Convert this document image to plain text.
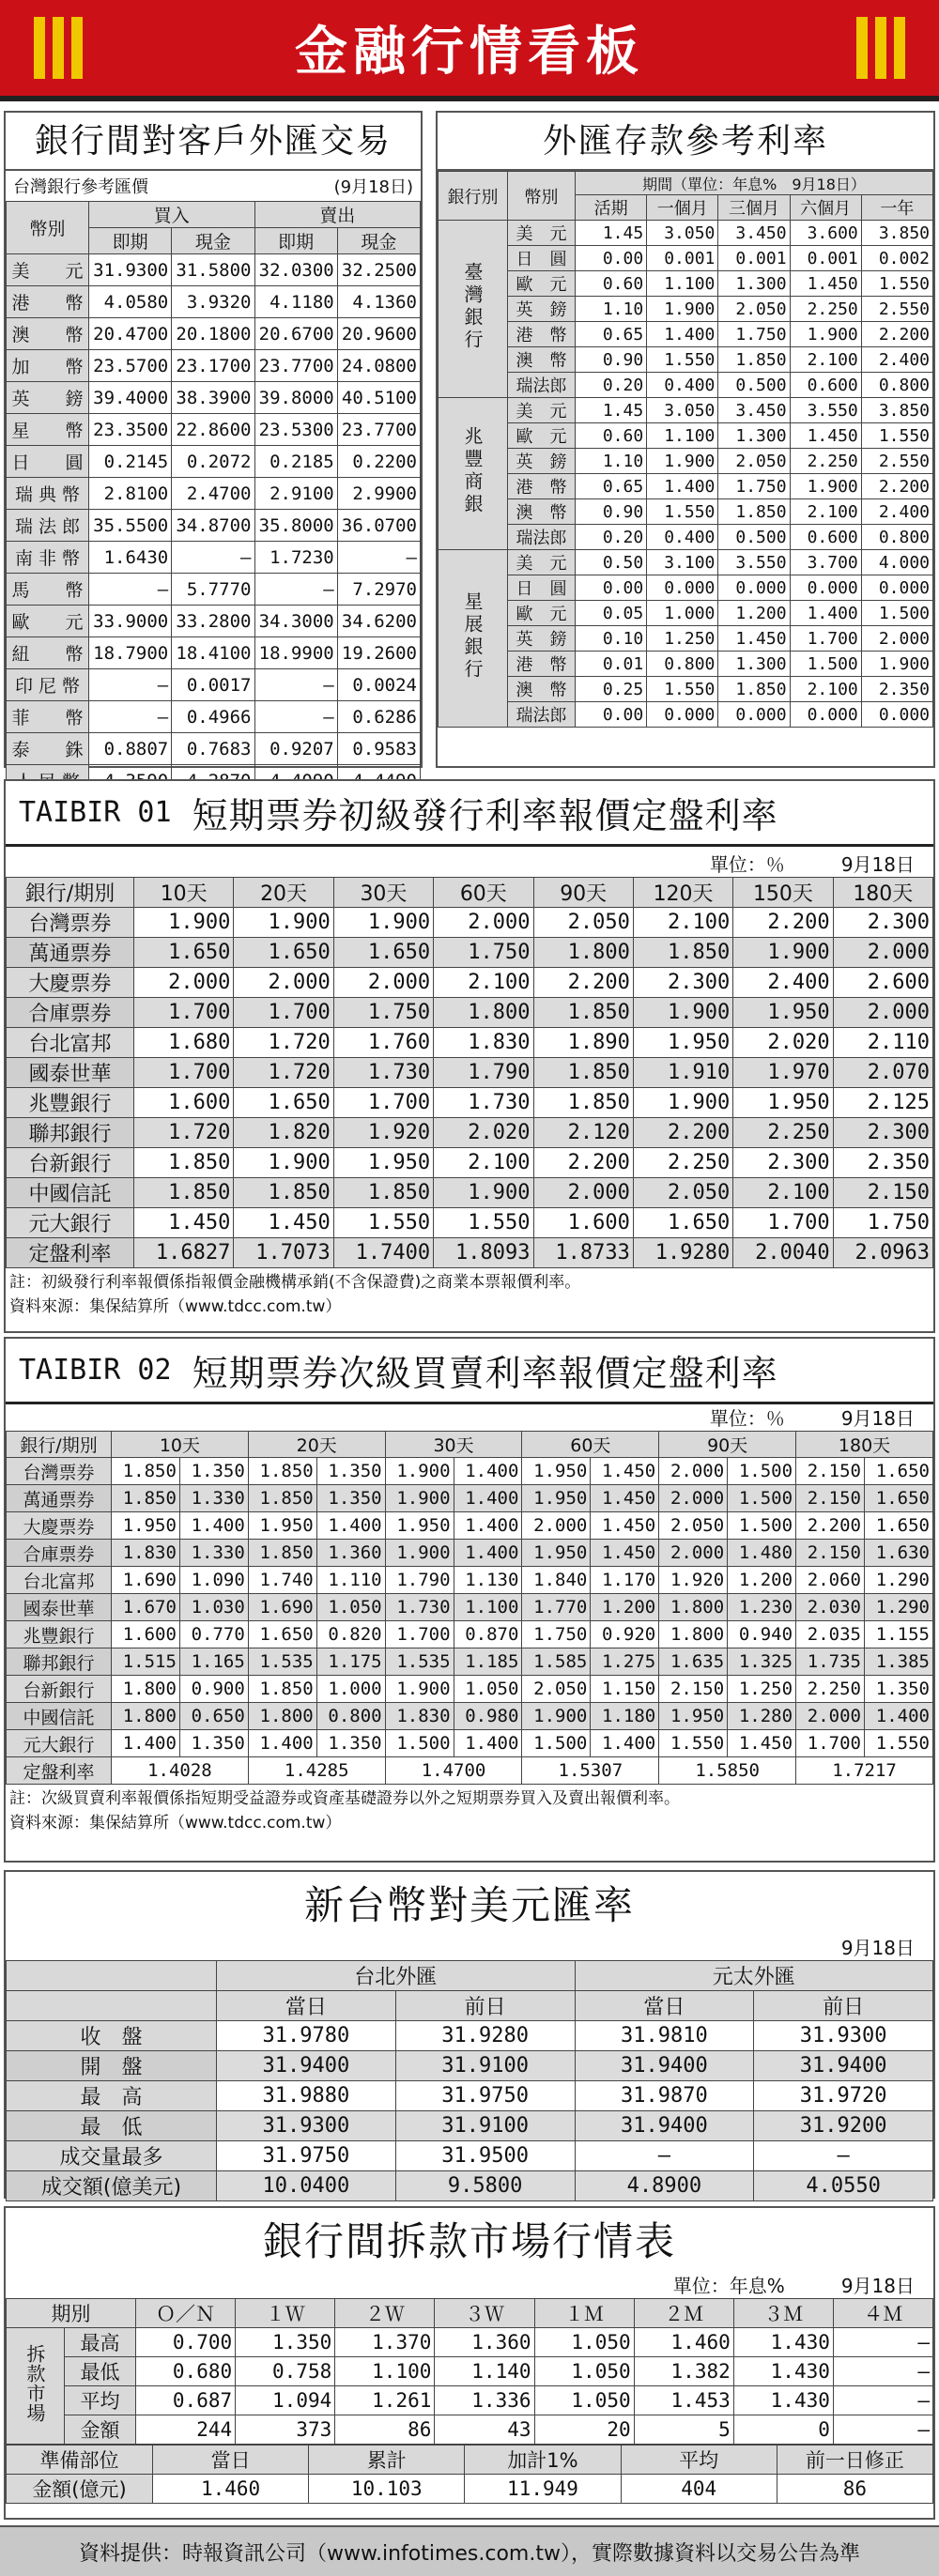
金融行情看板
銀行間對客戶外匯交易
台灣銀行參考匯價	(9月18日)
幣別	買入		賣出	
	即期	現金	即期	現金
美　　元	31.9300	31.5800	32.0300	32.2500
港　　幣	4.0580	3.9320	4.1180	4.1360
澳　　幣	20.4700	20.1800	20.6700	20.9600
加　　幣	23.5700	23.1700	23.7700	24.0800
英　　鎊	39.4000	38.3900	39.8000	40.5100
星　　幣	23.3500	22.8600	23.5300	23.7700
日　　圓	0.2145	0.2072	0.2185	0.2200
瑞 典 幣	2.8100	2.4700	2.9100	2.9900
瑞 法 郎	35.5500	34.8700	35.8000	36.0700
南 非 幣	1.6430	–	1.7230	–
馬　　幣	–	5.7770	–	7.2970
歐　　元	33.9000	33.2800	34.3000	34.6200
紐　　幣	18.7900	18.4100	18.9900	19.2600
印 尼 幣	–	0.0017	–	0.0024
菲　　幣	–	0.4966	–	0.6286
泰　　銖	0.8807	0.7683	0.9207	0.9583

外匯存款參考利率
銀行別	幣別	期間（單位：年息%　9月18日）				
		活期	一個月	三個月	六個月	一年
臺灣銀行	美　元	1.45	3.050	3.450	3.600	3.850
	日　圓	0.00	0.001	0.001	0.001	0.002
	歐　元	0.60	1.100	1.300	1.450	1.550
	英　鎊	1.10	1.900	2.050	2.250	2.550
	港　幣	0.65	1.400	1.750	1.900	2.200
	澳　幣	0.90	1.550	1.850	2.100	2.400
	瑞法郎	0.20	0.400	0.500	0.600	0.800
兆豐商銀	美　元	1.45	3.050	3.450	3.550	3.850
	歐　元	0.60	1.100	1.300	1.450	1.550
	英　鎊	1.10	1.900	2.050	2.250	2.550
	港　幣	0.65	1.400	1.750	1.900	2.200
	澳　幣	0.90	1.550	1.850	2.100	2.400
	瑞法郎	0.20	0.400	0.500	0.600	0.800
星展銀行	美　元	0.50	3.100	3.550	3.700	4.000
	日　圓	0.00	0.000	0.000	0.000	0.000
	歐　元	0.05	1.000	1.200	1.400	1.500
	英　鎊	0.10	1.250	1.450	1.700	2.000
	港　幣	0.01	0.800	1.300	1.500	1.900
	澳　幣	0.25	1.550	1.850	2.100	2.350
	瑞法郎	0.00	0.000	0.000	0.000	0.000
TAIBIR 01 短期票券初級發行利率報價定盤利率
單位：％	9月18日
銀行/期別	10天	20天	30天	60天	90天	120天	150天	180天
台灣票券	1.900	1.900	1.900	2.000	2.050	2.100	2.200	2.300
萬通票券	1.650	1.650	1.650	1.750	1.800	1.850	1.900	2.000
大慶票券	2.000	2.000	2.000	2.100	2.200	2.300	2.400	2.600
合庫票券	1.700	1.700	1.750	1.800	1.850	1.900	1.950	2.000
台北富邦	1.680	1.720	1.760	1.830	1.890	1.950	2.020	2.110
國泰世華	1.700	1.720	1.730	1.790	1.850	1.910	1.970	2.070
兆豐銀行	1.600	1.650	1.700	1.730	1.850	1.900	1.950	2.125
聯邦銀行	1.720	1.820	1.920	2.020	2.120	2.200	2.250	2.300
台新銀行	1.850	1.900	1.950	2.100	2.200	2.250	2.300	2.350
中國信託	1.850	1.850	1.850	1.900	2.000	2.050	2.100	2.150
元大銀行	1.450	1.450	1.550	1.550	1.600	1.650	1.700	1.750
定盤利率	1.6827	1.7073	1.7400	1.8093	1.8733	1.9280	2.0040	2.0963
註：初級發行利率報價係指報價金融機構承銷(不含保證費)之商業本票報價利率。
資料來源：集保結算所（www.tdcc.com.tw）
TAIBIR 02 短期票券次級買賣利率報價定盤利率
單位：％	9月18日
銀行/期別	10天		20天		30天		60天		90天		180天	
台灣票券	1.850	1.350	1.850	1.350	1.900	1.400	1.950	1.450	2.000	1.500	2.150	1.650
萬通票券	1.850	1.330	1.850	1.350	1.900	1.400	1.950	1.450	2.000	1.500	2.150	1.650
大慶票券	1.950	1.400	1.950	1.400	1.950	1.400	2.000	1.450	2.050	1.500	2.200	1.650
合庫票券	1.830	1.330	1.850	1.360	1.900	1.400	1.950	1.450	2.000	1.480	2.150	1.630
台北富邦	1.690	1.090	1.740	1.110	1.790	1.130	1.840	1.170	1.920	1.200	2.060	1.290
國泰世華	1.670	1.030	1.690	1.050	1.730	1.100	1.770	1.200	1.800	1.230	2.030	1.290
兆豐銀行	1.600	0.770	1.650	0.820	1.700	0.870	1.750	0.920	1.800	0.940	2.035	1.155
聯邦銀行	1.515	1.165	1.535	1.175	1.535	1.185	1.585	1.275	1.635	1.325	1.735	1.385
台新銀行	1.800	0.900	1.850	1.000	1.900	1.050	2.050	1.150	2.150	1.250	2.250	1.350
中國信託	1.800	0.650	1.800	0.800	1.830	0.980	1.900	1.180	1.950	1.280	2.000	1.400
元大銀行	1.400	1.350	1.400	1.350	1.500	1.400	1.500	1.400	1.550	1.450	1.700	1.550
定盤利率	1.4028		1.4285		1.4700		1.5307		1.5850		1.7217	
註：次級買賣利率報價係指短期受益證券或資產基礎證券以外之短期票券買入及賣出報價利率。
資料來源：集保結算所（www.tdcc.com.tw）
新台幣對美元匯率
9月18日
	台北外匯		元太外匯	
	當日	前日	當日	前日
收　盤	31.9780	31.9280	31.9810	31.9300
開　盤	31.9400	31.9100	31.9400	31.9400
最　高	31.9880	31.9750	31.9870	31.9720
最　低	31.9300	31.9100	31.9400	31.9200
成交量最多	31.9750	31.9500	–	–
成交額(億美元)	10.0400	9.5800	4.8900	4.0550
銀行間拆款市場行情表
單位：年息%	9月18日
期別		Ｏ／Ｎ	１Ｗ	２Ｗ	３Ｗ	１Ｍ	２Ｍ	３Ｍ	４Ｍ
拆款市場	最高	0.700	1.350	1.370	1.360	1.050	1.460	1.430	–
	最低	0.680	0.758	1.100	1.140	1.050	1.382	1.430	–
	平均	0.687	1.094	1.261	1.336	1.050	1.453	1.430	–
	金額	244	373	86	43	20	5	0	–
準備部位	當日	累計	加計1%	平均	前一日修正
金額(億元)	1.460	10.103	11.949	404	86
資料提供：時報資訊公司（www.infotimes.com.tw），實際數據資料以交易公告為準
